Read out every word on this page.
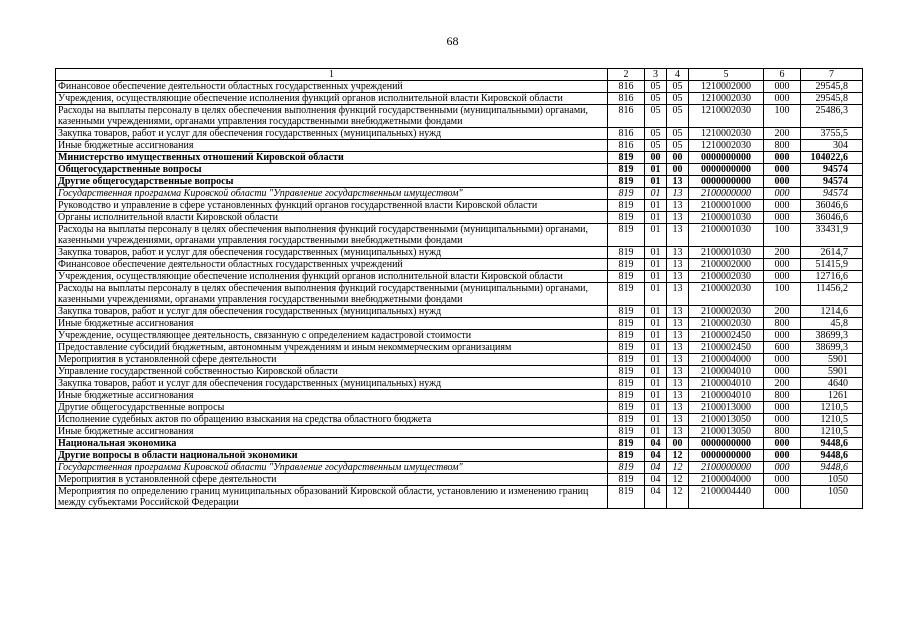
68
1	2	3	4	5	6	7
Финансовое обеспечение деятельности областных государственных учреждений	816	05	05	1210002000	000	29545,8
Учреждения, осуществляющие обеспечение исполнения функций органов исполнительной власти Кировской области	816	05	05	1210002030	000	29545,8
Расходы на выплаты персоналу в целях обеспечения выполнения функций государственными (муниципальными) органами, казенными учреждениями, органами управления государственными внебюджетными фондами	816	05	05	1210002030	100	25486,3
Закупка товаров, работ и услуг для обеспечения государственных (муниципальных) нужд	816	05	05	1210002030	200	3755,5
Иные бюджетные ассигнования	816	05	05	1210002030	800	304
Министерство имущественных отношений Кировской области	819	00	00	0000000000	000	104022,6
Общегосударственные вопросы	819	01	00	0000000000	000	94574
Другие общегосударственные вопросы	819	01	13	0000000000	000	94574
Государственная программа Кировской области "Управление государственным имуществом"	819	01	13	2100000000	000	94574
Руководство и управление в сфере установленных функций органов государственной власти Кировской области	819	01	13	2100001000	000	36046,6
Органы исполнительной власти Кировской области	819	01	13	2100001030	000	36046,6
Расходы на выплаты персоналу в целях обеспечения выполнения функций государственными (муниципальными) органами, казенными учреждениями, органами управления государственными внебюджетными фондами	819	01	13	2100001030	100	33431,9
Закупка товаров, работ и услуг для обеспечения государственных (муниципальных) нужд	819	01	13	2100001030	200	2614,7
Финансовое обеспечение деятельности областных государственных учреждений	819	01	13	2100002000	000	51415,9
Учреждения, осуществляющие обеспечение исполнения функций органов исполнительной власти Кировской области	819	01	13	2100002030	000	12716,6
Расходы на выплаты персоналу в целях обеспечения выполнения функций государственными (муниципальными) органами, казенными учреждениями, органами управления государственными внебюджетными фондами	819	01	13	2100002030	100	11456,2
Закупка товаров, работ и услуг для обеспечения государственных (муниципальных) нужд	819	01	13	2100002030	200	1214,6
Иные бюджетные ассигнования	819	01	13	2100002030	800	45,8
Учреждение, осуществляющее деятельность, связанную с определением кадастровой стоимости	819	01	13	2100002450	000	38699,3
Предоставление субсидий бюджетным, автономным учреждениям и иным некоммерческим организациям	819	01	13	2100002450	600	38699,3
Мероприятия в установленной сфере деятельности	819	01	13	2100004000	000	5901
Управление государственной собственностью Кировской области	819	01	13	2100004010	000	5901
Закупка товаров, работ и услуг для обеспечения государственных (муниципальных) нужд	819	01	13	2100004010	200	4640
Иные бюджетные ассигнования	819	01	13	2100004010	800	1261
Другие общегосударственные вопросы	819	01	13	2100013000	000	1210,5
Исполнение судебных актов по обращению взыскания на средства областного бюджета	819	01	13	2100013050	000	1210,5
Иные бюджетные ассигнования	819	01	13	2100013050	800	1210,5
Национальная экономика	819	04	00	0000000000	000	9448,6
Другие вопросы в области национальной экономики	819	04	12	0000000000	000	9448,6
Государственная программа Кировской области "Управление государственным имуществом"	819	04	12	2100000000	000	9448,6
Мероприятия в установленной сфере деятельности	819	04	12	2100004000	000	1050
Мероприятия по определению границ муниципальных образований Кировской области, установлению и изменению границ между субъектами Российской Федерации	819	04	12	2100004440	000	1050
